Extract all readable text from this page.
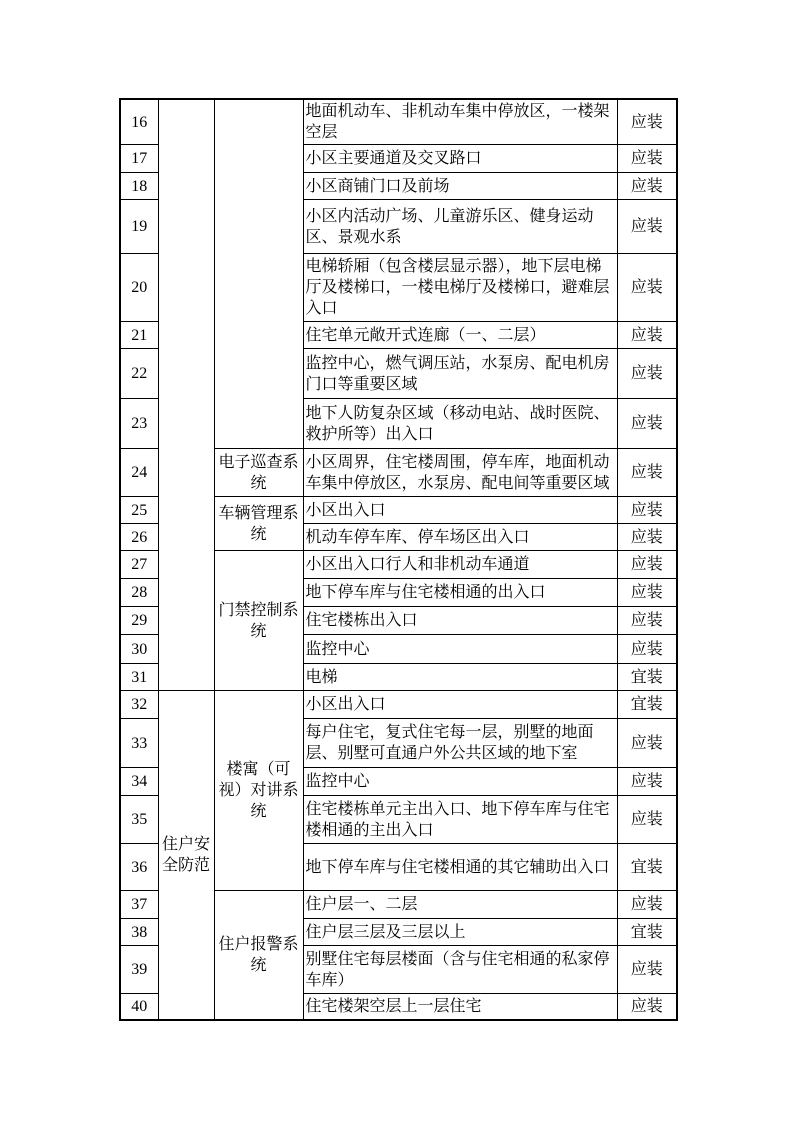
16			地面机动车、非机动车集中停放区，一楼架空层	应装
17			小区主要通道及交叉路口	应装
18			小区商铺门口及前场	应装
19			小区内活动广场、儿童游乐区、健身运动区、景观水系	应装
20			电梯轿厢（包含楼层显示器），地下层电梯厅及楼梯口，一楼电梯厅及楼梯口，避难层入口	应装
21			住宅单元敞开式连廊（一、二层）	应装
22			监控中心，燃气调压站，水泵房、配电机房门口等重要区域	应装
23			地下人防复杂区域（移动电站、战时医院、救护所等）出入口	应装
24		电子巡查系统	小区周界，住宅楼周围，停车库，地面机动车集中停放区，水泵房、配电间等重要区域	应装
25		车辆管理系统	小区出入口	应装
26			机动车停车库、停车场区出入口	应装
27		门禁控制系统	小区出入口行人和非机动车通道	应装
28			地下停车库与住宅楼相通的出入口	应装
29			住宅楼栋出入口	应装
30			监控中心	应装
31			电梯	宜装
32	住户安全防范	楼寓（可视）对讲系统	小区出入口	宜装
33			每户住宅，复式住宅每一层，别墅的地面层、别墅可直通户外公共区域的地下室	应装
34			监控中心	应装
35			住宅楼栋单元主出入口、地下停车库与住宅楼相通的主出入口	应装
36			地下停车库与住宅楼相通的其它辅助出入口	宜装
37		住户报警系统	住户层一、二层	应装
38			住户层三层及三层以上	宜装
39			别墅住宅每层楼面（含与住宅相通的私家停车库）	应装
40			住宅楼架空层上一层住宅	应装
